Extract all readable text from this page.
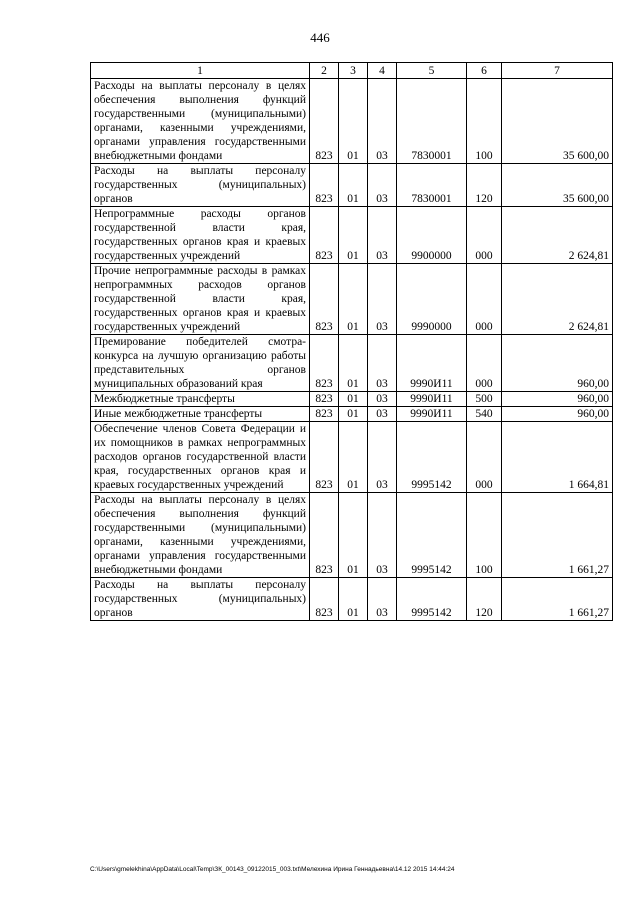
446
1	2	3	4	5	6	7
Расходы на выплаты персоналу в целях обеспечения выполнения функций государственными (муниципальными) органами, казенными учреждениями, органами управления государственными внебюджетными фондами	823	01	03	7830001	100	35 600,00
Расходы на выплаты персоналу государственных (муниципальных) органов	823	01	03	7830001	120	35 600,00
Непрограммные расходы органов государственной власти края, государственных органов края и краевых государственных учреждений	823	01	03	9900000	000	2 624,81
Прочие непрограммные расходы в рамках непрограммных расходов органов государственной власти края, государственных органов края и краевых государственных учреждений	823	01	03	9990000	000	2 624,81
Премирование победителей смотра-конкурса на лучшую организацию работы представительных органов муниципальных образований края	823	01	03	9990И11	000	960,00
Межбюджетные трансферты	823	01	03	9990И11	500	960,00
Иные межбюджетные трансферты	823	01	03	9990И11	540	960,00
Обеспечение членов Совета Федерации и их помощников в рамках непрограммных расходов органов государственной власти края, государственных органов края и краевых государственных учреждений	823	01	03	9995142	000	1 664,81
Расходы на выплаты персоналу в целях обеспечения выполнения функций государственными (муниципальными) органами, казенными учреждениями, органами управления государственными внебюджетными фондами	823	01	03	9995142	100	1 661,27
Расходы на выплаты персоналу государственных (муниципальных) органов	823	01	03	9995142	120	1 661,27
C:\Users\gmelekhina\AppData\Local\Temp\ЗК_00143_09122015_003.txt\Мелехина Ирина Геннадьевна\14.12 2015 14:44:24
